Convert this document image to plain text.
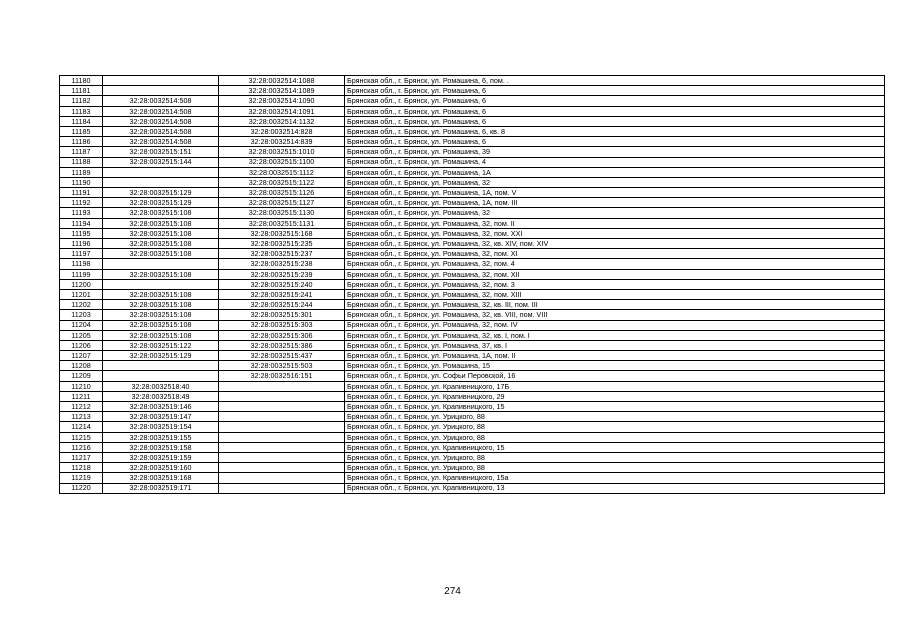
11180		32:28:0032514:1088	Брянская обл., г. Брянск, ул. Ромашина, 6, пом. .
11181		32:28:0032514:1089	Брянская обл., г. Брянск, ул. Ромашина, 6
11182	32:28:0032514:508	32:28:0032514:1090	Брянская обл., г. Брянск, ул. Ромашина, 6
11183	32:28:0032514:508	32:28:0032514:1091	Брянская обл., г. Брянск, ул. Ромашина, 6
11184	32:28:0032514:508	32:28:0032514:1132	Брянская обл., г. Брянск, ул. Ромашина, 6
11185	32:28:0032514:508	32:28:0032514:828	Брянская обл., г. Брянск, ул. Ромашина, 6, кв. 8
11186	32:28:0032514:508	32:28:0032514:839	Брянская обл., г. Брянск, ул. Ромашина, 6
11187	32:28:0032515:151	32:28:0032515:1010	Брянская обл., г. Брянск, ул. Ромашина, 39
11188	32:28:0032515:144	32:28:0032515:1100	Брянская обл., г. Брянск, ул. Ромашина, 4
11189		32:28:0032515:1112	Брянская обл., г. Брянск, ул. Ромашина, 1А
11190		32:28:0032515:1122	Брянская обл., г. Брянск, ул. Ромашина, 32
11191	32:28:0032515:129	32:28:0032515:1126	Брянская обл., г. Брянск, ул. Ромашина, 1А, пом. V
11192	32:28:0032515:129	32:28:0032515:1127	Брянская обл., г. Брянск, ул. Ромашина, 1А, пом. III
11193	32:28:0032515:108	32:28:0032515:1130	Брянская обл., г. Брянск, ул. Ромашина, 32
11194	32:28:0032515:108	32:28:0032515:1131	Брянская обл., г. Брянск, ул. Ромашина, 32, пом. II
11195	32:28:0032515:108	32:28:0032515:168	Брянская обл., г. Брянск, ул. Ромашина, 32, пом. XXI
11196	32:28:0032515:108	32:28:0032515:235	Брянская обл., г. Брянск, ул. Ромашина, 32, кв. XIV, пом. XIV
11197	32:28:0032515:108	32:28:0032515:237	Брянская обл., г. Брянск, ул. Ромашина, 32, пом. XI
11198		32:28:0032515:238	Брянская обл., г. Брянск, ул. Ромашина, 32, пом. 4
11199	32:28:0032515:108	32:28:0032515:239	Брянская обл., г. Брянск, ул. Ромашина, 32, пом. XII
11200		32:28:0032515:240	Брянская обл., г. Брянск, ул. Ромашина, 32, пом. 3
11201	32:28:0032515:108	32:28:0032515:241	Брянская обл., г. Брянск, ул. Ромашина, 32, пом. XIII
11202	32:28:0032515:108	32:28:0032515:244	Брянская обл., г. Брянск, ул. Ромашина, 32, кв. III, пом. III
11203	32:28:0032515:108	32:28:0032515:301	Брянская обл., г. Брянск, ул. Ромашина, 32, кв. VIII, пом. VIII
11204	32:28:0032515:108	32:28:0032515:303	Брянская обл., г. Брянск, ул. Ромашина, 32, пом. IV
11205	32:28:0032515:108	32:28:0032515:306	Брянская обл., г. Брянск, ул. Ромашина, 32, кв. I, пом. I
11206	32:28:0032515:122	32:28:0032515:386	Брянская обл., г. Брянск, ул. Ромашина, 37, кв. I
11207	32:28:0032515:129	32:28:0032515:437	Брянская обл., г. Брянск, ул. Ромашина, 1А, пом. II
11208		32:28:0032515:503	Брянская обл., г. Брянск, ул. Ромашина, 15
11209		32:28:0032516:151	Брянская обл., г. Брянск, ул. Софьи Перовской, 16
11210	32:28:0032518:40		Брянская обл., г. Брянск, ул. Крапивницкого, 17Б
11211	32:28:0032518:49		Брянская обл., г. Брянск, ул. Крапивницкого, 29
11212	32:28:0032519:146		Брянская обл., г. Брянск, ул. Крапивницкого, 15
11213	32:28:0032519:147		Брянская обл., г. Брянск, ул. Урицкого, 88
11214	32:28:0032519:154		Брянская обл., г. Брянск, ул. Урицкого, 88
11215	32:28:0032519:155		Брянская обл., г. Брянск, ул. Урицкого, 88
11216	32:28:0032519:158		Брянская обл., г. Брянск, ул. Крапивницкого, 15
11217	32:28:0032519:159		Брянская обл., г. Брянск, ул. Урицкого, 88
11218	32:28:0032519:160		Брянская обл., г. Брянск, ул. Урицкого, 88
11219	32:28:0032519:168		Брянская обл., г. Брянск, ул. Крапивницкого, 15а
11220	32:28:0032519:171		Брянская обл., г. Брянск, ул. Крапивницкого, 13
274
